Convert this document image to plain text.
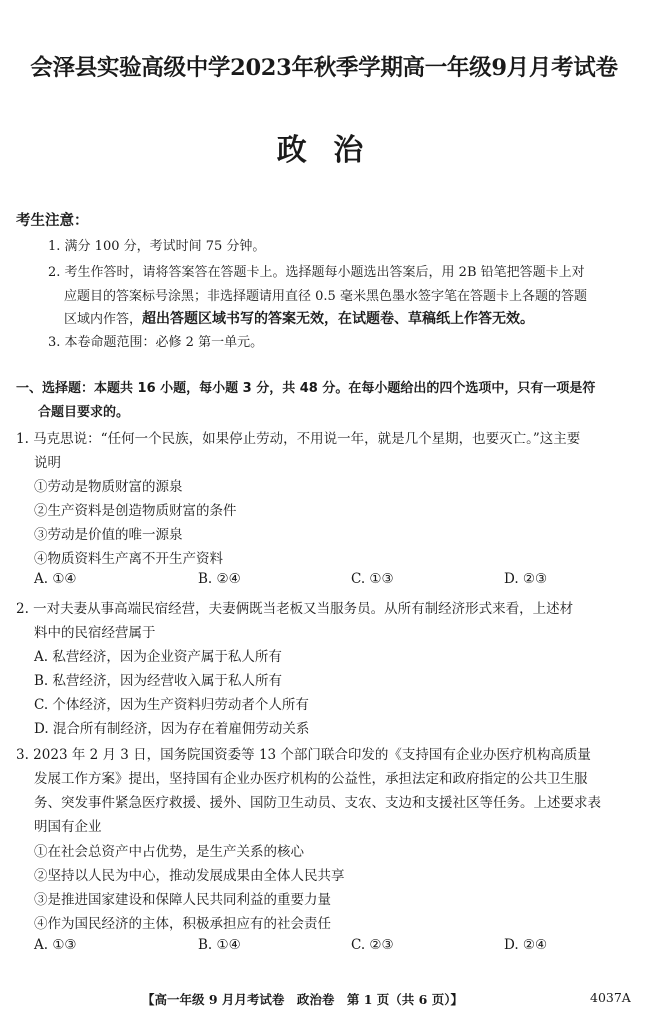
会泽县实验高级中学2023年秋季学期高一年级9月月考试卷
政 治
考生注意：
1. 满分 100 分，考试时间 75 分钟。
2. 考生作答时，请将答案答在答题卡上。选择题每小题选出答案后，用 2B 铅笔把答题卡上对
应题目的答案标号涂黑；非选择题请用直径 0.5 毫米黑色墨水签字笔在答题卡上各题的答题
区域内作答，超出答题区域书写的答案无效，在试题卷、草稿纸上作答无效。
3. 本卷命题范围：必修 2 第一单元。
一、选择题：本题共 16 小题，每小题 3 分，共 48 分。在每小题给出的四个选项中，只有一项是符
合题目要求的。
1. 马克思说：“任何一个民族，如果停止劳动，不用说一年，就是几个星期，也要灭亡。”这主要
说明
①劳动是物质财富的源泉
②生产资料是创造物质财富的条件
③劳动是价值的唯一源泉
④物质资料生产离不开生产资料
A. ①④	B. ②④	C. ①③	D. ②③
2. 一对夫妻从事高端民宿经营，夫妻俩既当老板又当服务员。从所有制经济形式来看，上述材
料中的民宿经营属于
A. 私营经济，因为企业资产属于私人所有
B. 私营经济，因为经营收入属于私人所有
C. 个体经济，因为生产资料归劳动者个人所有
D. 混合所有制经济，因为存在着雇佣劳动关系
3. 2023 年 2 月 3 日，国务院国资委等 13 个部门联合印发的《支持国有企业办医疗机构高质量
发展工作方案》提出，坚持国有企业办医疗机构的公益性，承担法定和政府指定的公共卫生服
务、突发事件紧急医疗救援、援外、国防卫生动员、支农、支边和支援社区等任务。上述要求表
明国有企业
①在社会总资产中占优势，是生产关系的核心
②坚持以人民为中心，推动发展成果由全体人民共享
③是推进国家建设和保障人民共同利益的重要力量
④作为国民经济的主体，积极承担应有的社会责任
A. ①③	B. ①④	C. ②③	D. ②④
【高一年级 9 月月考试卷　政治卷　第 1 页（共 6 页）】	4037A
